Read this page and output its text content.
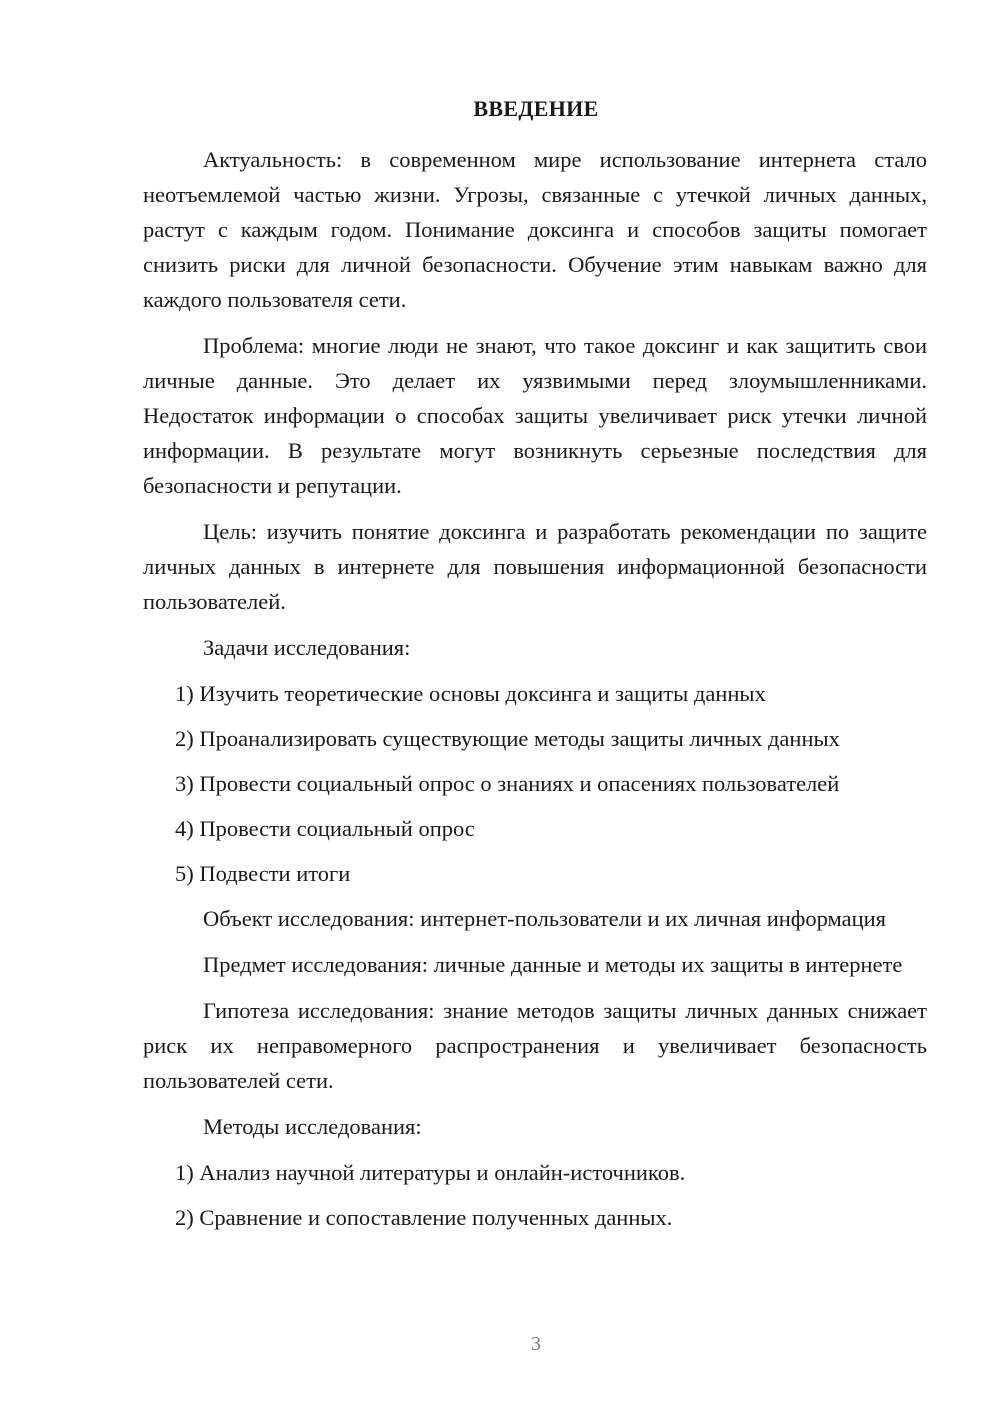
ВВЕДЕНИЕ

Актуальность: в современном мире использование интернета стало неотъемлемой частью жизни. Угрозы, связанные с утечкой личных данных, растут с каждым годом. Понимание доксинга и способов защиты помогает снизить риски для личной безопасности. Обучение этим навыкам важно для каждого пользователя сети.

Проблема: многие люди не знают, что такое доксинг и как защитить свои личные данные. Это делает их уязвимыми перед злоумышленниками. Недостаток информации о способах защиты увеличивает риск утечки личной информации. В результате могут возникнуть серьезные последствия для безопасности и репутации.

Цель: изучить понятие доксинга и разработать рекомендации по защите личных данных в интернете для повышения информационной безопасности пользователей.

Задачи исследования:

1) Изучить теоретические основы доксинга и защиты данных

2) Проанализировать существующие методы защиты личных данных

3) Провести социальный опрос о знаниях и опасениях пользователей

4) Провести социальный опрос

5) Подвести итоги

Объект исследования: интернет-пользователи и их личная информация

Предмет исследования: личные данные и методы их защиты в интернете

Гипотеза исследования: знание методов защиты личных данных снижает риск их неправомерного распространения и увеличивает безопасность пользователей сети.

Методы исследования:

1) Анализ научной литературы и онлайн-источников.

2) Сравнение и сопоставление полученных данных.

3
